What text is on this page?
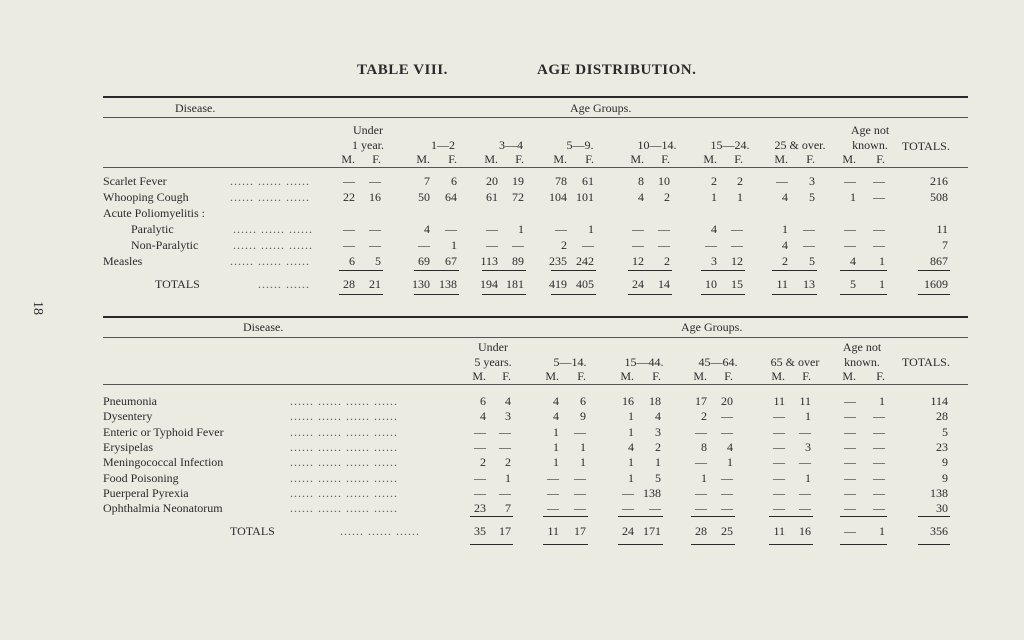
TABLE VIII.	AGE DISTRIBUTION.
18
Disease.	Age Groups.
Under
1 year.
M.	F.
1—2
M.	F.
3—4
M.	F.
5—9.
M.	F.
10—14.
M.	F.
15—24.
M.	F.
25 & over.
M.	F.
Age not
known.
M.	F.
TOTALS.
Scarlet Fever	...... ...... ......	—	—	7	6	20	19	78	61	8	10	2	2	—	3	—	—	216
Whooping Cough	...... ...... ......	22	16	50	64	61	72	104 101	4	2	1	1	4	5	1	—	508
Acute Poliomyelitis :
Paralytic	...... ...... ......	—	—	4	—	—	1	—	1	—	—	4	—	1	—	—	—	11
Non-Paralytic	...... ...... ......	—	—	—	1	—	—	2	—	—	—	—	—	4	—	—	—	7
Measles	...... ...... ......	6	5	69	67	113	89	235 242	12	2	3	12	2	5	4	1	867
TOTALS	...... ......	28	21	130 138	194 181	419 405	24	14	10	15	11	13	5	1	1609
Disease.	Age Groups.
Under
5 years.
M.	F.
5—14.
M.	F.
15—44.
M.	F.
45—64.
M.	F.
65 & over
M.	F.
Age not
known.
M.	F.
TOTALS.
Pneumonia	...... ...... ...... ......	6	4	4	6	16	18	17	20	11	11	—	1	114
Dysentery	...... ...... ...... ......	4	3	4	9	1	4	2	—	—	1	—	—	28
Enteric or Typhoid Fever	...... ...... ...... ......	—	—	1	—	1	3	—	—	—	—	—	—	5
Erysipelas	...... ...... ...... ......	—	—	1	1	4	2	8	4	—	3	—	—	23
Meningococcal Infection	...... ...... ...... ......	2	2	1	1	1	1	—	1	—	—	—	—	9
Food Poisoning	...... ...... ...... ......	—	1	—	—	1	5	1	—	—	1	—	—	9
Puerperal Pyrexia	...... ...... ...... ......	—	—	—	—	— 138	—	—	—	—	—	—	138
Ophthalmia Neonatorum	...... ...... ...... ......	23	7	—	—	—	—	—	—	—	—	—	—	30
TOTALS	...... ...... ......	35	17	11	17	24 171	28	25	11	16	—	1	356
